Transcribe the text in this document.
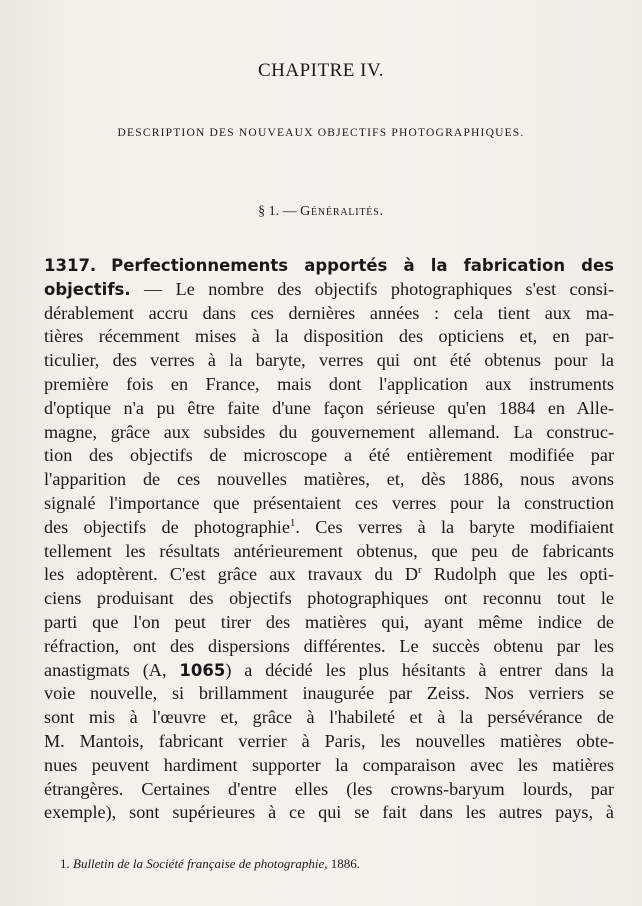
CHAPITRE IV.
DESCRIPTION DES NOUVEAUX OBJECTIFS PHOTOGRAPHIQUES.
§ 1. — Généralités.
1317. Perfectionnements apportés à la fabrication des
objectifs. — Le nombre des objectifs photographiques s'est consi-
dérablement accru dans ces dernières années : cela tient aux ma-
tières récemment mises à la disposition des opticiens et, en par-
ticulier, des verres à la baryte, verres qui ont été obtenus pour la
première fois en France, mais dont l'application aux instruments
d'optique n'a pu être faite d'une façon sérieuse qu'en 1884 en Alle-
magne, grâce aux subsides du gouvernement allemand. La construc-
tion des objectifs de microscope a été entièrement modifiée par
l'apparition de ces nouvelles matières, et, dès 1886, nous avons
signalé l'importance que présentaient ces verres pour la construction
des objectifs de photographie$^1$. Ces verres à la baryte modifiaient
tellement les résultats antérieurement obtenus, que peu de fabricants
les adoptèrent. C'est grâce aux travaux du $D^r$ Rudolph que les opti-
ciens produisant des objectifs photographiques ont reconnu tout le
parti que l'on peut tirer des matières qui, ayant même indice de
réfraction, ont des dispersions différentes. Le succès obtenu par les
anastigmats (A, 1065) a décidé les plus hésitants à entrer dans la
voie nouvelle, si brillamment inaugurée par Zeiss. Nos verriers se
sont mis à l'œuvre et, grâce à l'habileté et à la persévérance de
M. Mantois, fabricant verrier à Paris, les nouvelles matières obte-
nues peuvent hardiment supporter la comparaison avec les matières
étrangères. Certaines d'entre elles (les crowns-baryum lourds, par
exemple), sont supérieures à ce qui se fait dans les autres pays, à
1. Bulletin de la Société française de photographie, 1886.
